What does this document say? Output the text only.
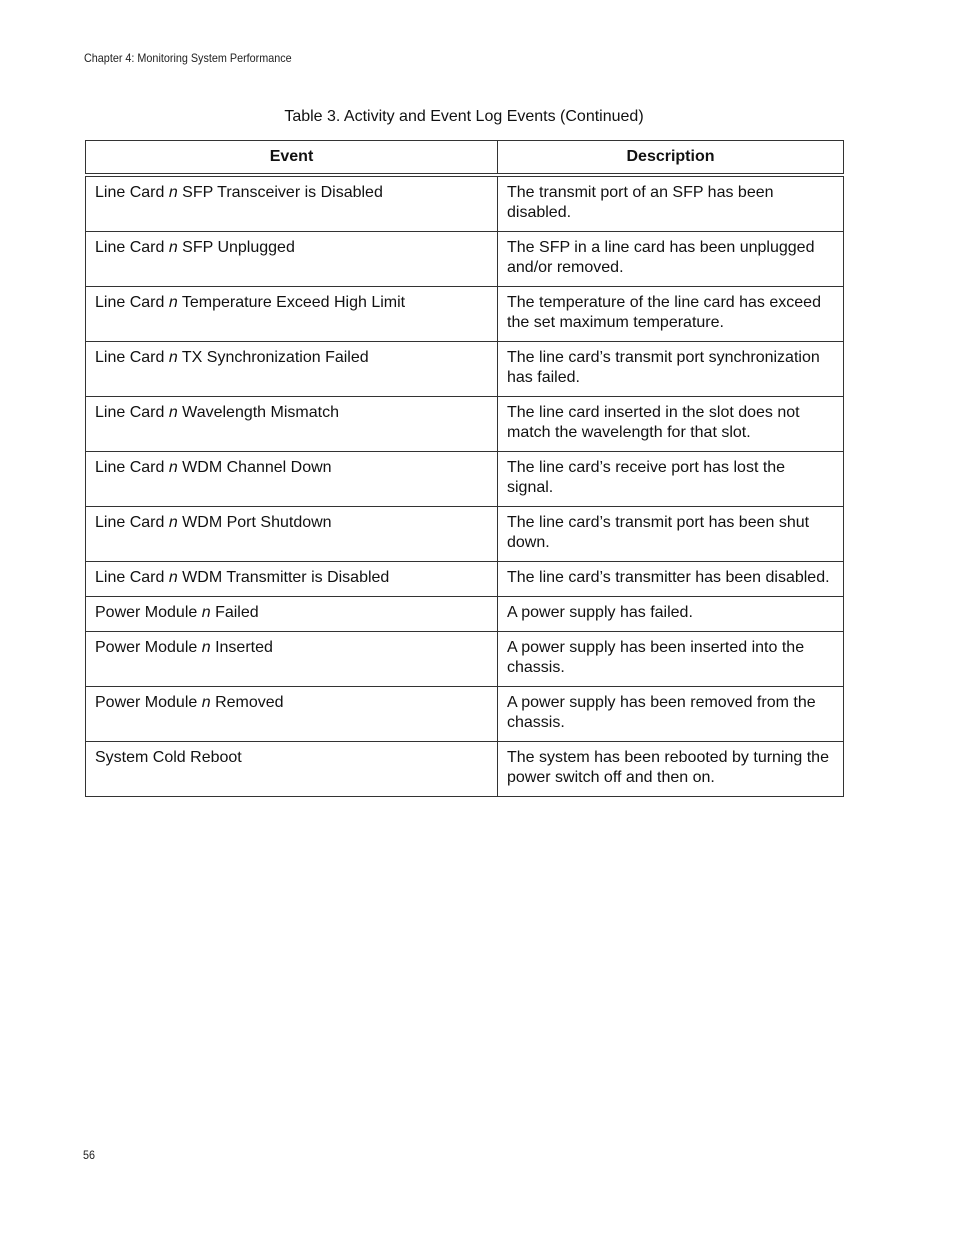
Chapter 4: Monitoring System Performance
Table 3. Activity and Event Log Events (Continued)
Event	Description
Line Card n SFP Transceiver is Disabled	The transmit port of an SFP has been disabled.
Line Card n SFP Unplugged	The SFP in a line card has been unplugged and/or removed.
Line Card n Temperature Exceed High Limit	The temperature of the line card has exceed the set maximum temperature.
Line Card n TX Synchronization Failed	The line card’s transmit port synchronization has failed.
Line Card n Wavelength Mismatch	The line card inserted in the slot does not match the wavelength for that slot.
Line Card n WDM Channel Down	The line card’s receive port has lost the signal.
Line Card n WDM Port Shutdown	The line card’s transmit port has been shut down.
Line Card n WDM Transmitter is Disabled	The line card’s transmitter has been disabled.
Power Module n Failed	A power supply has failed.
Power Module n Inserted	A power supply has been inserted into the chassis.
Power Module n Removed	A power supply has been removed from the chassis.
System Cold Reboot	The system has been rebooted by turning the power switch off and then on.
56
